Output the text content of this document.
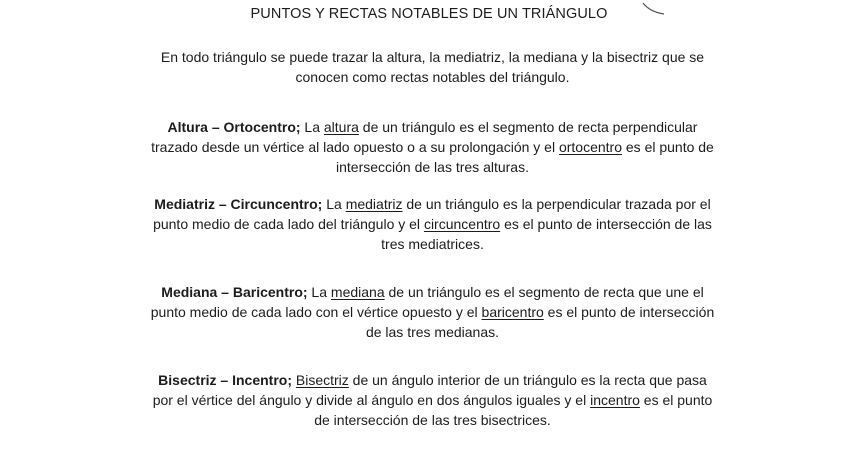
PUNTOS Y RECTAS NOTABLES DE UN TRIÁNGULO
En todo triángulo se puede trazar la altura, la mediatriz, la mediana y la bisectriz que se
conocen como rectas notables del triángulo.
Altura – Ortocentro; La altura de un triángulo es el segmento de recta perpendicular
trazado desde un vértice al lado opuesto o a su prolongación y el ortocentro es el punto de
intersección de las tres alturas.
Mediatriz – Circuncentro; La mediatriz de un triángulo es la perpendicular trazada por el
punto medio de cada lado del triángulo y el circuncentro es el punto de intersección de las
tres mediatrices.
Mediana – Baricentro; La mediana de un triángulo es el segmento de recta que une el
punto medio de cada lado con el vértice opuesto y el baricentro es el punto de intersección
de las tres medianas.
Bisectriz – Incentro; Bisectriz de un ángulo interior de un triángulo es la recta que pasa
por el vértice del ángulo y divide al ángulo en dos ángulos iguales y el incentro es el punto
de intersección de las tres bisectrices.
